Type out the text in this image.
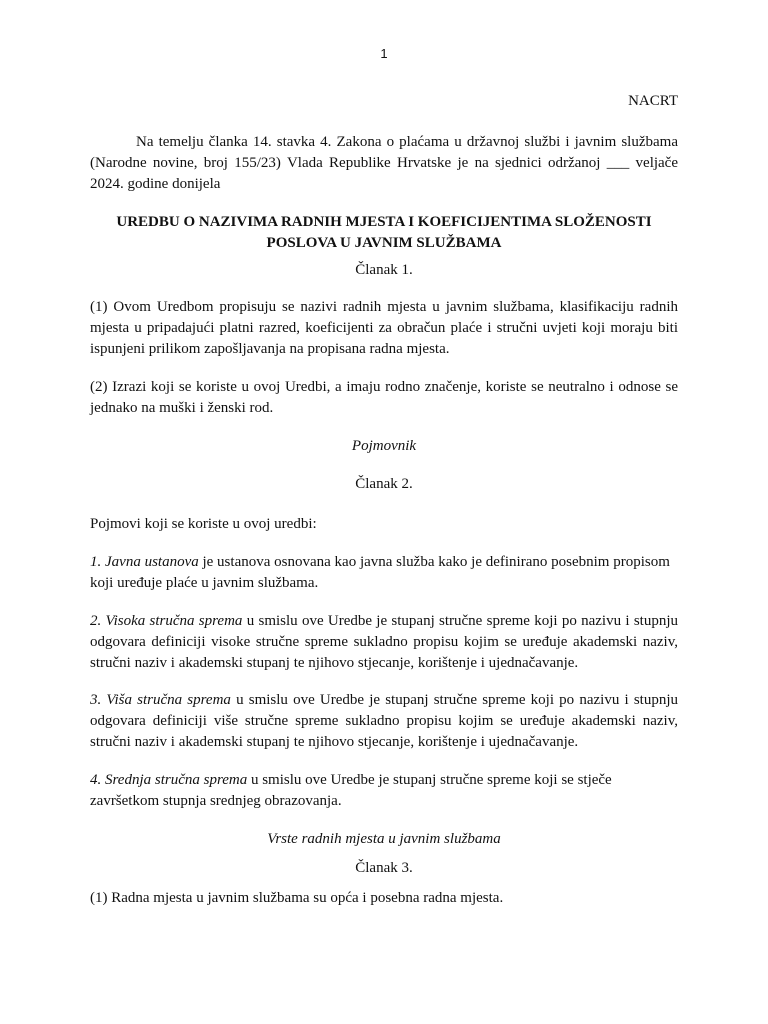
1
NACRT
Na temelju članka 14. stavka 4. Zakona o plaćama u državnoj službi i javnim službama (Narodne novine, broj 155/23) Vlada Republike Hrvatske je na sjednici održanoj ___ veljače 2024. godine donijela
UREDBU O NAZIVIMA RADNIH MJESTA I KOEFICIJENTIMA SLOŽENOSTI
POSLOVA U JAVNIM SLUŽBAMA
Članak 1.
(1) Ovom Uredbom propisuju se nazivi radnih mjesta u javnim službama, klasifikaciju radnih mjesta u pripadajući platni razred, koeficijenti za obračun plaće i stručni uvjeti koji moraju biti ispunjeni prilikom zapošljavanja na propisana radna mjesta.
(2) Izrazi koji se koriste u ovoj Uredbi, a imaju rodno značenje, koriste se neutralno i odnose se jednako na muški i ženski rod.
Pojmovnik
Članak 2.
Pojmovi koji se koriste u ovoj uredbi:
1. Javna ustanova je ustanova osnovana kao javna služba kako je definirano posebnim propisom koji uređuje plaće u javnim službama.
2. Visoka stručna sprema u smislu ove Uredbe je stupanj stručne spreme koji po nazivu i stupnju odgovara definiciji visoke stručne spreme sukladno propisu kojim se uređuje akademski naziv, stručni naziv i akademski stupanj te njihovo stjecanje, korištenje i ujednačavanje.
3. Viša stručna sprema u smislu ove Uredbe je stupanj stručne spreme koji po nazivu i stupnju odgovara definiciji više stručne spreme sukladno propisu kojim se uređuje akademski naziv, stručni naziv i akademski stupanj te njihovo stjecanje, korištenje i ujednačavanje.
4. Srednja stručna sprema u smislu ove Uredbe je stupanj stručne spreme koji se stječe završetkom stupnja srednjeg obrazovanja.
Vrste radnih mjesta u javnim službama
Članak 3.
(1) Radna mjesta u javnim službama su opća i posebna radna mjesta.
